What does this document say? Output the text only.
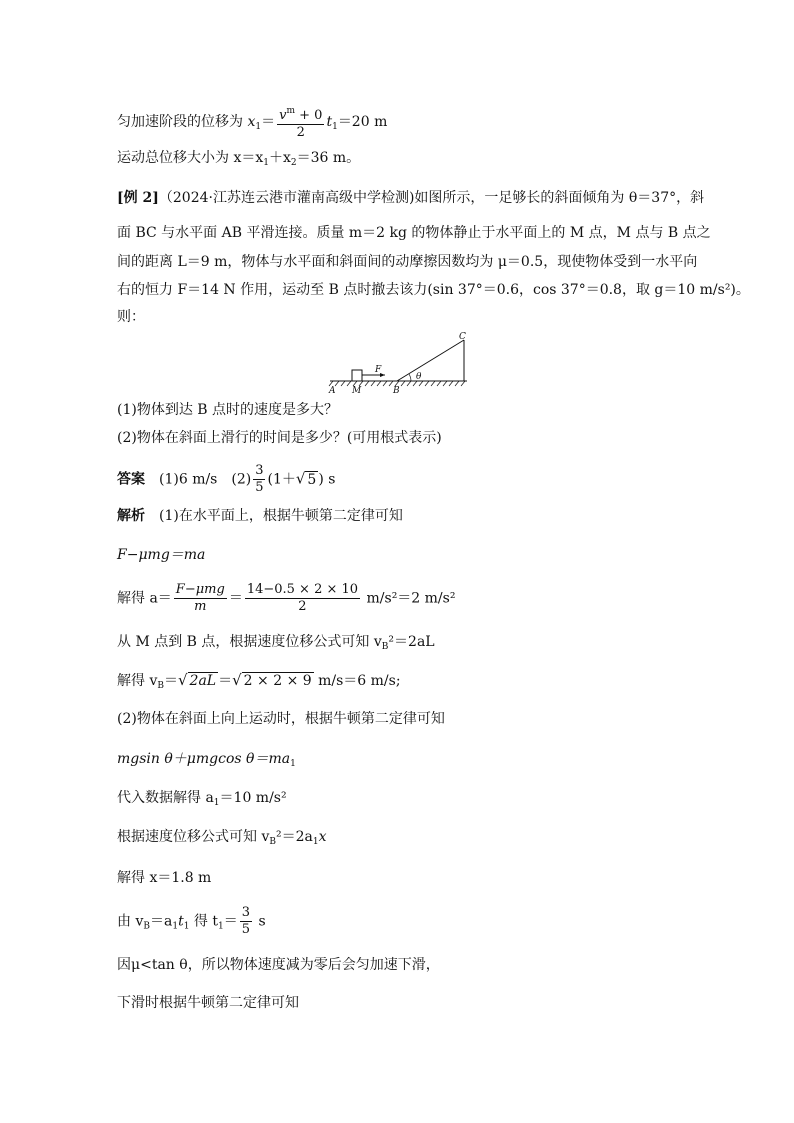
匀加速阶段的位移为 $x_1= \frac{v^m + 0}{2} t_1=20$ m
运动总位移大小为 $x=x_1+x_2=36$ m。
[例 2]（2024·江苏连云港市灌南高级中学检测)如图所示，一足够长的斜面倾角为 θ＝37°，斜
面 BC 与水平面 AB 平滑连接。质量 m＝2 kg 的物体静止于水平面上的 M 点，M 点与 B 点之
间的距离 L＝9 m，物体与水平面和斜面间的动摩擦因数均为 μ＝0.5，现使物体受到一水平向
右的恒力 F＝14 N 作用，运动至 B 点时撤去该力(sin 37°＝0.6，cos 37°＝0.8，取 g＝10 m/s²)。
则：
A M	B
C
F
θ
(1)物体到达 B 点时的速度是多大？
(2)物体在斜面上滑行的时间是多少？(可用根式表示)
答案　 (1)6 m/s　$(2) \frac{3}{5} (1+√$ 5 ) s
解析　 (1)在水平面上，根据牛顿第二定律可知
F−μmg＝ma
解得 $a= \frac{\text{F−μmg}}{m} = \frac{14-0.5 \times 2 \times 10}{2} m/s^2=2$ m/s²
从 M 点到 B 点，根据速度位移公式可知 $v_B^2=2aL$
解得 $v_B=√$ 2aL ＝√ 2 × 2 × 9 m/s＝6 m/s;
(2)物体在斜面上向上运动时，根据牛顿第二定律可知
mgsin θ＋μmgcos $\theta=ma_1$
代入数据解得 $a_1=10$ m/s²
根据速度位移公式可知 $v_B^2=2a_1x$
解得 x＝1.8 m
由 $v_B=a_1t_1$ 得 $t_1= \frac{3}{5}$ s
因μ<tan θ，所以物体速度减为零后会匀加速下滑，
下滑时根据牛顿第二定律可知
